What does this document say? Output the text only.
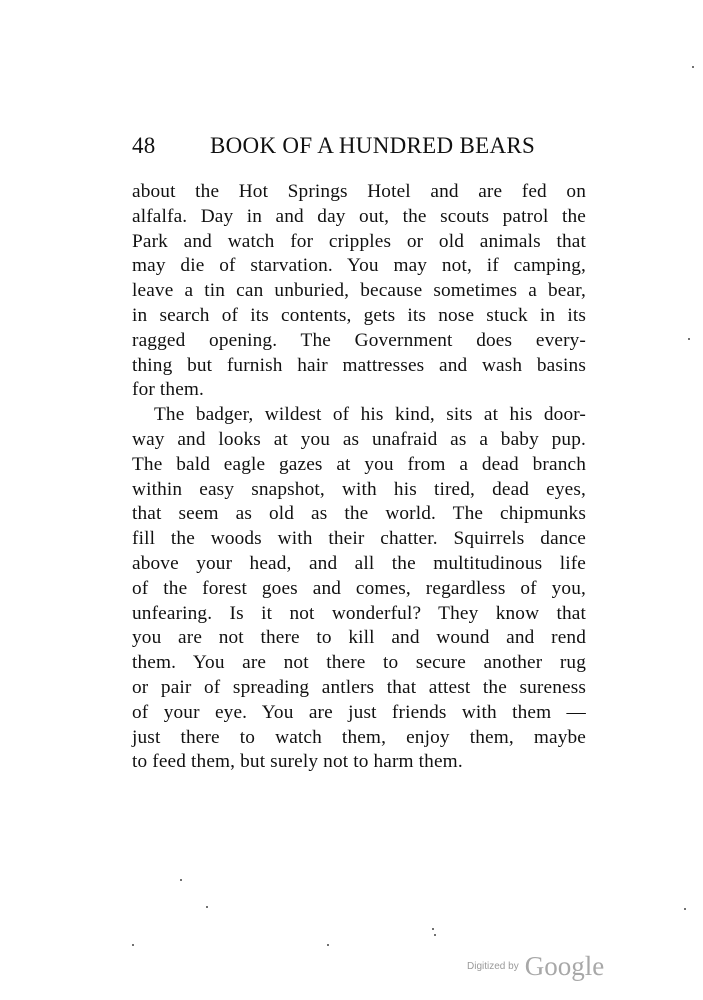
48 BOOK OF A HUNDRED BEARS
about the Hot Springs Hotel and are fed on
alfalfa. Day in and day out, the scouts patrol the
Park and watch for cripples or old animals that
may die of starvation. You may not, if camping,
leave a tin can unburied, because sometimes a bear,
in search of its contents, gets its nose stuck in its
ragged opening. The Government does every-
thing but furnish hair mattresses and wash basins
for them.
The badger, wildest of his kind, sits at his door-
way and looks at you as unafraid as a baby pup.
The bald eagle gazes at you from a dead branch
within easy snapshot, with his tired, dead eyes,
that seem as old as the world. The chipmunks
fill the woods with their chatter. Squirrels dance
above your head, and all the multitudinous life
of the forest goes and comes, regardless of you,
unfearing. Is it not wonderful? They know that
you are not there to kill and wound and rend
them. You are not there to secure another rug
or pair of spreading antlers that attest the sureness
of your eye. You are just friends with them —
just there to watch them, enjoy them, maybe
to feed them, but surely not to harm them.
Digitized by Google
